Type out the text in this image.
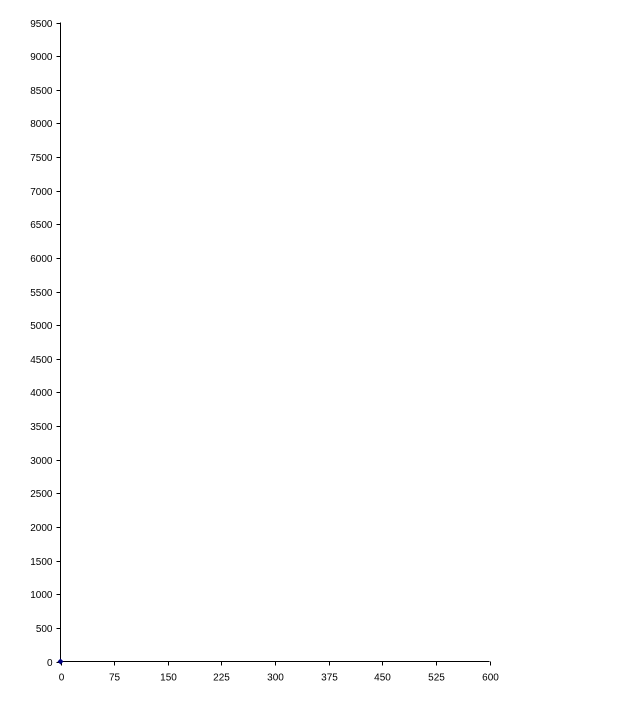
0
500
1000
1500
2000
2500
3000
3500
4000
4500
5000
5500
6000
6500
7000
7500
8000
8500
9000
9500
0	75	150	225	300	375	450	525	600
